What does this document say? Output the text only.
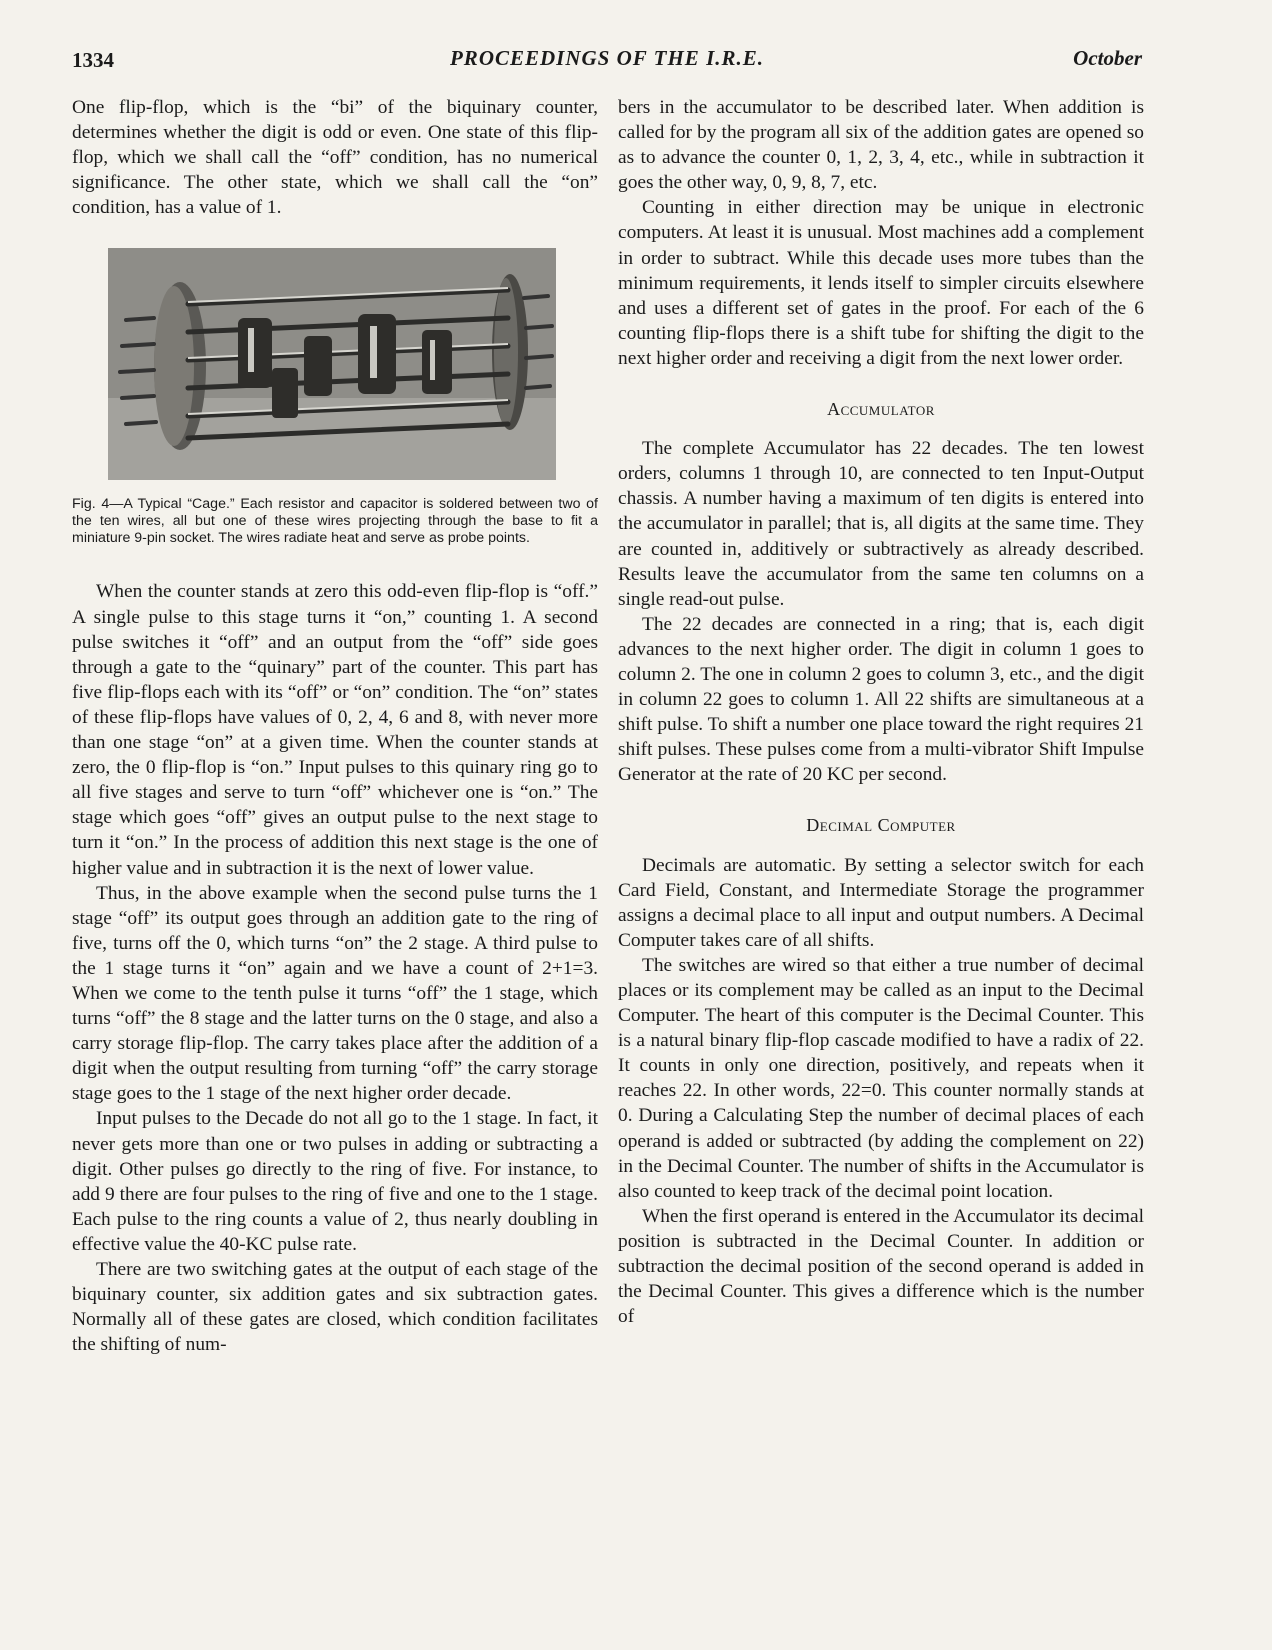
1334	PROCEEDINGS OF THE I.R.E.	October

One flip-flop, which is the “bi” of the biquinary counter, determines whether the digit is odd or even. One state of this flip-flop, which we shall call the “off” condition, has no numerical significance. The other state, which we shall call the “on” condition, has a value of 1.

Fig. 4—A Typical “Cage.” Each resistor and capacitor is soldered between two of the ten wires, all but one of these wires projecting through the base to fit a miniature 9-pin socket. The wires radiate heat and serve as probe points.

When the counter stands at zero this odd-even flip-flop is “off.” A single pulse to this stage turns it “on,” counting 1. A second pulse switches it “off” and an output from the “off” side goes through a gate to the “quinary” part of the counter. This part has five flip-flops each with its “off” or “on” condition. The “on” states of these flip-flops have values of 0, 2, 4, 6 and 8, with never more than one stage “on” at a given time. When the counter stands at zero, the 0 flip-flop is “on.” Input pulses to this quinary ring go to all five stages and serve to turn “off” whichever one is “on.” The stage which goes “off” gives an output pulse to the next stage to turn it “on.” In the process of addition this next stage is the one of higher value and in subtraction it is the next of lower value.

Thus, in the above example when the second pulse turns the 1 stage “off” its output goes through an addition gate to the ring of five, turns off the 0, which turns “on” the 2 stage. A third pulse to the 1 stage turns it “on” again and we have a count of 2+1=3. When we come to the tenth pulse it turns “off” the 1 stage, which turns “off” the 8 stage and the latter turns on the 0 stage, and also a carry storage flip-flop. The carry takes place after the addition of a digit when the output resulting from turning “off” the carry storage stage goes to the 1 stage of the next higher order decade.

Input pulses to the Decade do not all go to the 1 stage. In fact, it never gets more than one or two pulses in adding or subtracting a digit. Other pulses go directly to the ring of five. For instance, to add 9 there are four pulses to the ring of five and one to the 1 stage. Each pulse to the ring counts a value of 2, thus nearly doubling in effective value the 40-KC pulse rate.

There are two switching gates at the output of each stage of the biquinary counter, six addition gates and six subtraction gates. Normally all of these gates are closed, which condition facilitates the shifting of num-

bers in the accumulator to be described later. When addition is called for by the program all six of the addition gates are opened so as to advance the counter 0, 1, 2, 3, 4, etc., while in subtraction it goes the other way, 0, 9, 8, 7, etc.

Counting in either direction may be unique in electronic computers. At least it is unusual. Most machines add a complement in order to subtract. While this decade uses more tubes than the minimum requirements, it lends itself to simpler circuits elsewhere and uses a different set of gates in the proof. For each of the 6 counting flip-flops there is a shift tube for shifting the digit to the next higher order and receiving a digit from the next lower order.

Accumulator

The complete Accumulator has 22 decades. The ten lowest orders, columns 1 through 10, are connected to ten Input-Output chassis. A number having a maximum of ten digits is entered into the accumulator in parallel; that is, all digits at the same time. They are counted in, additively or subtractively as already described. Results leave the accumulator from the same ten columns on a single read-out pulse.

The 22 decades are connected in a ring; that is, each digit advances to the next higher order. The digit in column 1 goes to column 2. The one in column 2 goes to column 3, etc., and the digit in column 22 goes to column 1. All 22 shifts are simultaneous at a shift pulse. To shift a number one place toward the right requires 21 shift pulses. These pulses come from a multi-vibrator Shift Impulse Generator at the rate of 20 KC per second.

Decimal Computer

Decimals are automatic. By setting a selector switch for each Card Field, Constant, and Intermediate Storage the programmer assigns a decimal place to all input and output numbers. A Decimal Computer takes care of all shifts.

The switches are wired so that either a true number of decimal places or its complement may be called as an input to the Decimal Computer. The heart of this computer is the Decimal Counter. This is a natural binary flip-flop cascade modified to have a radix of 22. It counts in only one direction, positively, and repeats when it reaches 22. In other words, 22=0. This counter normally stands at 0. During a Calculating Step the number of decimal places of each operand is added or subtracted (by adding the complement on 22) in the Decimal Counter. The number of shifts in the Accumulator is also counted to keep track of the decimal point location.

When the first operand is entered in the Accumulator its decimal position is subtracted in the Decimal Counter. In addition or subtraction the decimal position of the second operand is added in the Decimal Counter. This gives a difference which is the number of
